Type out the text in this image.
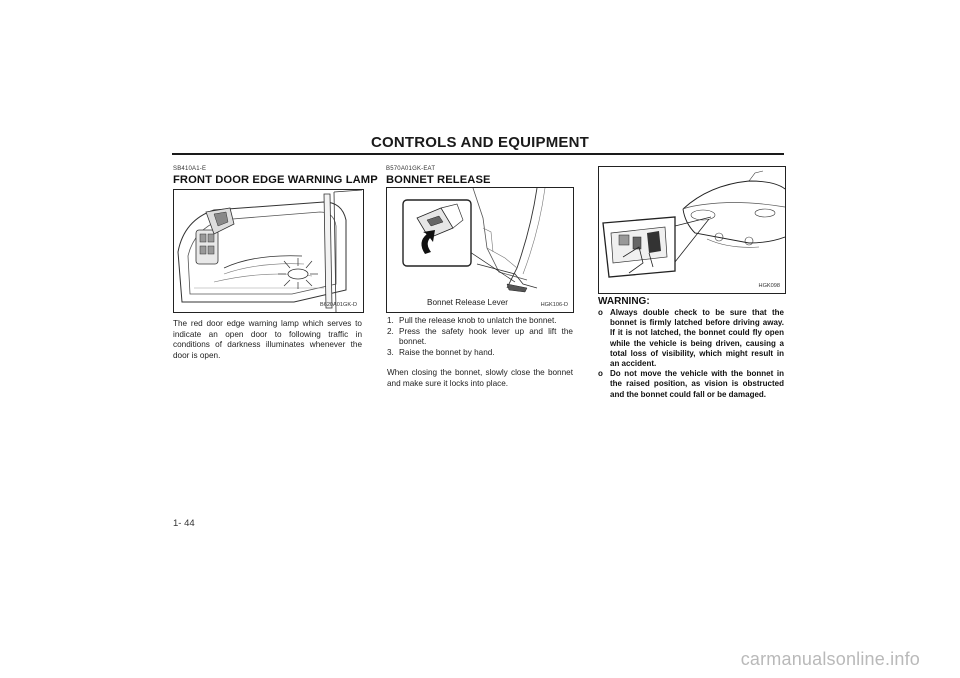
CONTROLS AND EQUIPMENT
SB410A1-E
FRONT DOOR EDGE WARNING LAMP
B620A01GK-D
The red door edge warning lamp which serves to indicate an open door to following traffic in conditions of darkness illuminates whenever the door is open.
B570A01GK-EAT
BONNET RELEASE
Bonnet Release Lever	HGK106-D
1. Pull the release knob to unlatch the bonnet.
2. Press the safety hook lever up and lift the bonnet.
3. Raise the bonnet by hand.
When closing the bonnet, slowly close the bonnet and make sure it locks into place.
HGK098
WARNING:
o Always double check to be sure that the bonnet is firmly latched before driving away. If it is not latched, the bonnet could fly open while the vehicle is being driven, causing a total loss of visibility, which might result in an accident.
o Do not move the vehicle with the bonnet in the raised position, as vision is obstructed and the bonnet could fall or be damaged.
1- 44
carmanualsonline.info
